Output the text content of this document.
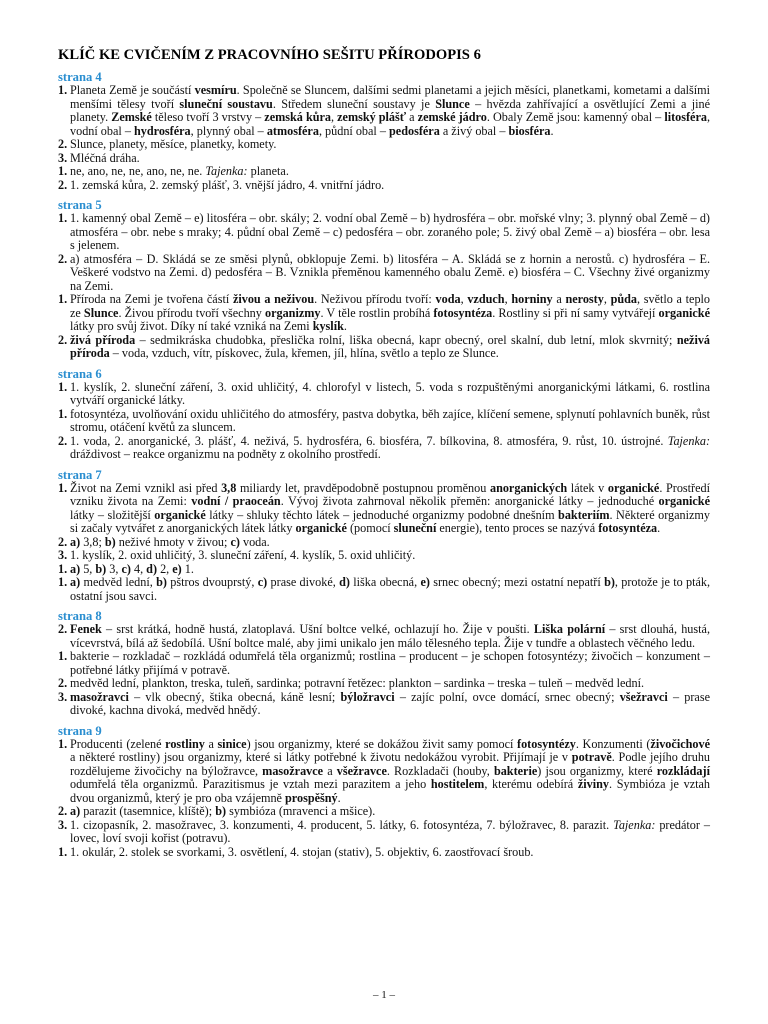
KLÍČ KE CVIČENÍM Z PRACOVNÍHO SEŠITU PŘÍRODOPIS 6
strana 4
1. Planeta Země je součástí vesmíru. Společně se Sluncem, dalšími sedmi planetami a jejich měsíci, planetkami, kometami a dalšími menšími tělesy tvoří sluneční soustavu. Středem sluneční soustavy je Slunce – hvězda zahřívající a osvětlující Zemi a jiné planety. Zemské těleso tvoří 3 vrstvy – zemská kůra, zemský plášť a zemské jádro. Obaly Země jsou: kamenný obal – litosféra, vodní obal – hydrosféra, plynný obal – atmosféra, půdní obal – pedosféra a živý obal – biosféra.
2. Slunce, planety, měsíce, planetky, komety.
3. Mléčná dráha.
1. ne, ano, ne, ne, ano, ne, ne. Tajenka: planeta.
2. 1. zemská kůra, 2. zemský plášť, 3. vnější jádro, 4. vnitřní jádro.
strana 5
1. 1. kamenný obal Země – e) litosféra – obr. skály; 2. vodní obal Země – b) hydrosféra – obr. mořské vlny; 3. plynný obal Země – d) atmosféra – obr. nebe s mraky; 4. půdní obal Země – c) pedosféra – obr. zoraného pole; 5. živý obal Země – a) biosféra – obr. lesa s jelenem.
2. a) atmosféra – D. Skládá se ze směsi plynů, obklopuje Zemi. b) litosféra – A. Skládá se z hornin a nerostů. c) hydrosféra – E. Veškeré vodstvo na Zemi. d) pedosféra – B. Vznikla přeměnou kamenného obalu Země. e) biosféra – C. Všechny živé organizmy na Zemi.
1. Příroda na Zemi je tvořena částí živou a neživou. Neživou přírodu tvoří: voda, vzduch, horniny a nerosty, půda, světlo a teplo ze Slunce. Živou přírodu tvoří všechny organizmy. V těle rostlin probíhá fotosyntéza. Rostliny si při ní samy vytvářejí organické látky pro svůj život. Díky ní také vzniká na Zemi kyslík.
2. živá příroda – sedmikráska chudobka, přeslička rolní, liška obecná, kapr obecný, orel skalní, dub letní, mlok skvrnitý; neživá příroda – voda, vzduch, vítr, pískovec, žula, křemen, jíl, hlína, světlo a teplo ze Slunce.
strana 6
1. 1. kyslík, 2. sluneční záření, 3. oxid uhličitý, 4. chlorofyl v listech, 5. voda s rozpuštěnými anorganickými látkami, 6. rostlina vytváří organické látky.
1. fotosyntéza, uvolňování oxidu uhličitého do atmosféry, pastva dobytka, běh zajíce, klíčení semene, splynutí pohlavních buněk, růst stromu, otáčení květů za sluncem.
2. 1. voda, 2. anorganické, 3. plášť, 4. neživá, 5. hydrosféra, 6. biosféra, 7. bílkovina, 8. atmosféra, 9. růst, 10. ústrojné. Tajenka: dráždivost – reakce organizmu na podněty z okolního prostředí.
strana 7
1. Život na Zemi vznikl asi před 3,8 miliardy let, pravděpodobně postupnou proměnou anorganických látek v organické. Prostředí vzniku života na Zemi: vodní / praoceán. Vývoj života zahrnoval několik přeměn: anorganické látky – jednoduché organické látky – složitější organické látky – shluky těchto látek – jednoduché organizmy podobné dnešním bakteriím. Některé organizmy si začaly vytvářet z anorganických látek látky organické (pomocí sluneční energie), tento proces se nazývá fotosyntéza.
2. a) 3,8; b) neživé hmoty v živou; c) voda.
3. 1. kyslík, 2. oxid uhličitý, 3. sluneční záření, 4. kyslík, 5. oxid uhličitý.
1. a) 5, b) 3, c) 4, d) 2, e) 1.
1. a) medvěd lední, b) pštros dvouprstý, c) prase divoké, d) liška obecná, e) srnec obecný; mezi ostatní nepatří b), protože je to pták, ostatní jsou savci.
strana 8
2. Fenek – srst krátká, hodně hustá, zlatoplavá. Ušní boltce velké, ochlazují ho. Žije v poušti. Liška polární – srst dlouhá, hustá, vícevrstvá, bílá až šedobílá. Ušní boltce malé, aby jimi unikalo jen málo tělesného tepla. Žije v tundře a oblastech věčného ledu.
1. bakterie – rozkladač – rozkládá odumřelá těla organizmů; rostlina – producent – je schopen fotosyntézy; živočich – konzument – potřebné látky přijímá v potravě.
2. medvěd lední, plankton, treska, tuleň, sardinka; potravní řetězec: plankton – sardinka – treska – tuleň – medvěd lední.
3. masožravci – vlk obecný, štika obecná, káně lesní; býložravci – zajíc polní, ovce domácí, srnec obecný; všežravci – prase divoké, kachna divoká, medvěd hnědý.
strana 9
1. Producenti (zelené rostliny a sinice) jsou organizmy, které se dokážou živit samy pomocí fotosyntézy. Konzumenti (živočichové a některé rostliny) jsou organizmy, které si látky potřebné k životu nedokážou vyrobit. Přijímají je v potravě. Podle jejího druhu rozdělujeme živočichy na býložravce, masožravce a všežravce. Rozkladači (houby, bakterie) jsou organizmy, které rozkládají odumřelá těla organizmů. Parazitismus je vztah mezi parazitem a jeho hostitelem, kterému odebírá živiny. Symbióza je vztah dvou organizmů, který je pro oba vzájemně prospěšný.
2. a) parazit (tasemnice, klíště); b) symbióza (mravenci a mšice).
3. 1. cizopasník, 2. masožravec, 3. konzumenti, 4. producent, 5. látky, 6. fotosyntéza, 7. býložravec, 8. parazit. Tajenka: predátor – lovec, loví svoji kořist (potravu).
1. 1. okulár, 2. stolek se svorkami, 3. osvětlení, 4. stojan (stativ), 5. objektiv, 6. zaostřovací šroub.
– 1 –
